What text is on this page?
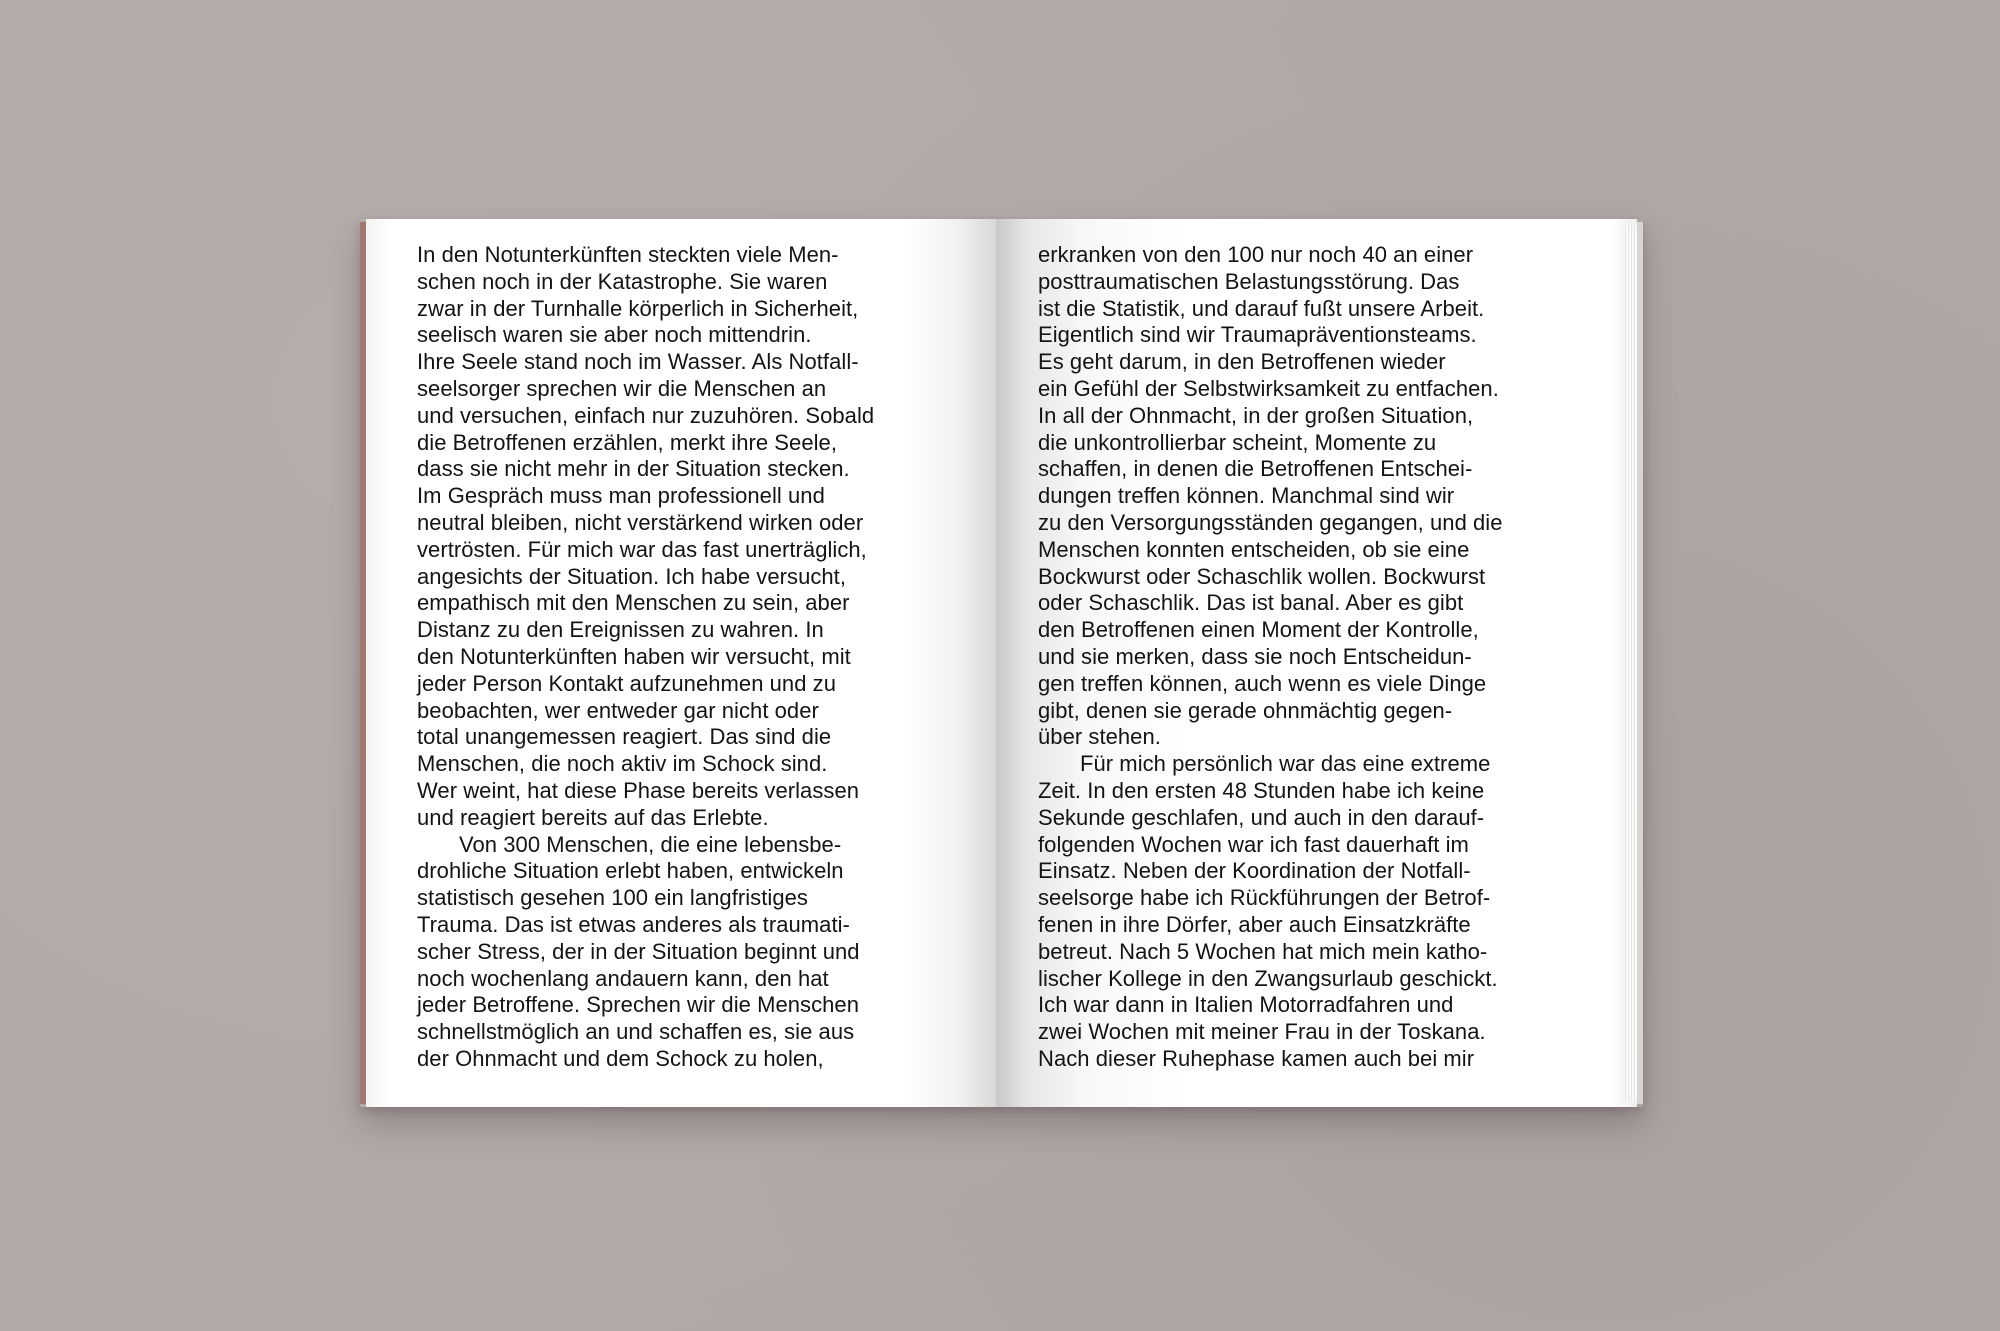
In den Notunterkünften steckten viele Men-
schen noch in der Katastrophe. Sie waren
zwar in der Turnhalle körperlich in Sicherheit,
seelisch waren sie aber noch mittendrin.
Ihre Seele stand noch im Wasser. Als Notfall-
seelsorger sprechen wir die Menschen an
und versuchen, einfach nur zuzuhören. Sobald
die Betroffenen erzählen, merkt ihre Seele,
dass sie nicht mehr in der Situation stecken.
Im Gespräch muss man professionell und
neutral bleiben, nicht verstärkend wirken oder
vertrösten. Für mich war das fast unerträglich,
angesichts der Situation. Ich habe versucht,
empathisch mit den Menschen zu sein, aber
Distanz zu den Ereignissen zu wahren. In
den Notunterkünften haben wir versucht, mit
jeder Person Kontakt aufzunehmen und zu
beobachten, wer entweder gar nicht oder
total unangemessen reagiert. Das sind die
Menschen, die noch aktiv im Schock sind.
Wer weint, hat diese Phase bereits verlassen
und reagiert bereits auf das Erlebte.
Von 300 Menschen, die eine lebensbe-
drohliche Situation erlebt haben, entwickeln
statistisch gesehen 100 ein langfristiges
Trauma. Das ist etwas anderes als traumati-
scher Stress, der in der Situation beginnt und
noch wochenlang andauern kann, den hat
jeder Betroffene. Sprechen wir die Menschen
schnellstmöglich an und schaffen es, sie aus
der Ohnmacht und dem Schock zu holen,
erkranken von den 100 nur noch 40 an einer
posttraumatischen Belastungsstörung. Das
ist die Statistik, und darauf fußt unsere Arbeit.
Eigentlich sind wir Traumapräventionsteams.
Es geht darum, in den Betroffenen wieder
ein Gefühl der Selbstwirksamkeit zu entfachen.
In all der Ohnmacht, in der großen Situation,
die unkontrollierbar scheint, Momente zu
schaffen, in denen die Betroffenen Entschei-
dungen treffen können. Manchmal sind wir
zu den Versorgungsständen gegangen, und die
Menschen konnten entscheiden, ob sie eine
Bockwurst oder Schaschlik wollen. Bockwurst
oder Schaschlik. Das ist banal. Aber es gibt
den Betroffenen einen Moment der Kontrolle,
und sie merken, dass sie noch Entscheidun-
gen treffen können, auch wenn es viele Dinge
gibt, denen sie gerade ohnmächtig gegen-
über stehen.
Für mich persönlich war das eine extreme
Zeit. In den ersten 48 Stunden habe ich keine
Sekunde geschlafen, und auch in den darauf-
folgenden Wochen war ich fast dauerhaft im
Einsatz. Neben der Koordination der Notfall-
seelsorge habe ich Rückführungen der Betrof-
fenen in ihre Dörfer, aber auch Einsatzkräfte
betreut. Nach 5 Wochen hat mich mein katho-
lischer Kollege in den Zwangsurlaub geschickt.
Ich war dann in Italien Motorradfahren und
zwei Wochen mit meiner Frau in der Toskana.
Nach dieser Ruhephase kamen auch bei mir
